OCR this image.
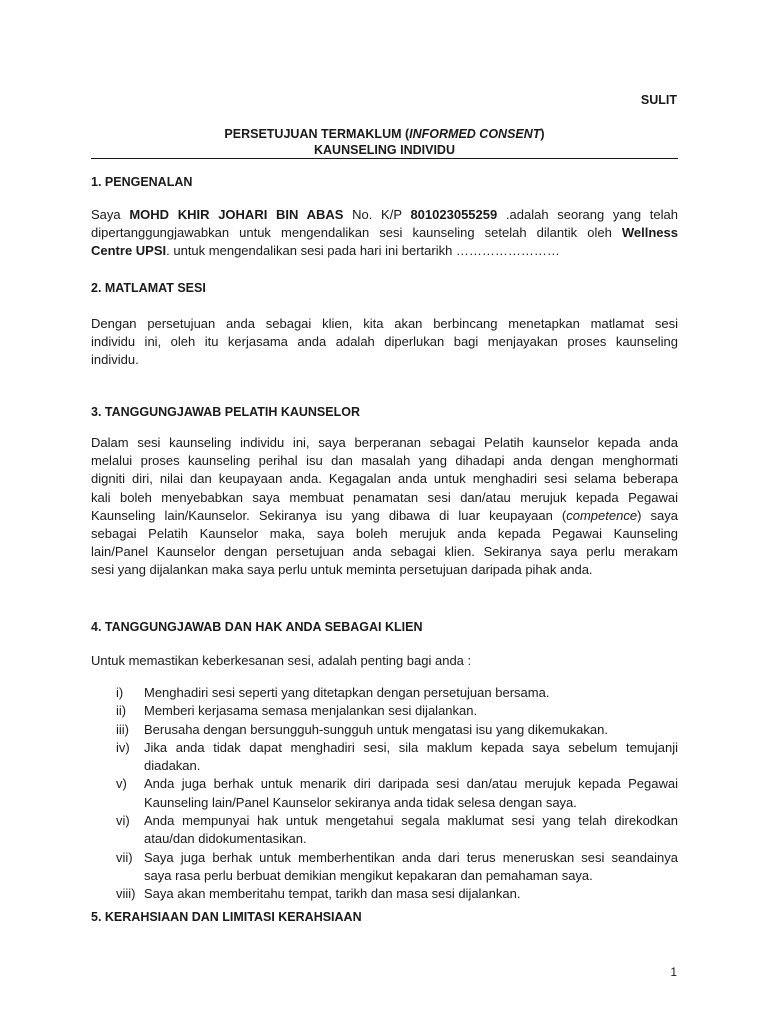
SULIT
PERSETUJUAN TERMAKLUM (INFORMED CONSENT)
KAUNSELING INDIVIDU
1. PENGENALAN
Saya MOHD KHIR JOHARI BIN ABAS No. K/P 801023055259 .adalah seorang yang telah
dipertanggungjawabkan untuk mengendalikan sesi kaunseling setelah dilantik oleh Wellness
Centre UPSI. untuk mengendalikan sesi pada hari ini bertarikh ……………………
2. MATLAMAT SESI
Dengan persetujuan anda sebagai klien, kita akan berbincang menetapkan matlamat sesi
individu ini, oleh itu kerjasama anda adalah diperlukan bagi menjayakan proses kaunseling
individu.
3. TANGGUNGJAWAB PELATIH KAUNSELOR
Dalam sesi kaunseling individu ini, saya berperanan sebagai Pelatih kaunselor kepada anda
melalui proses kaunseling perihal isu dan masalah yang dihadapi anda dengan menghormati
digniti diri, nilai dan keupayaan anda. Kegagalan anda untuk menghadiri sesi selama beberapa
kali boleh menyebabkan saya membuat penamatan sesi dan/atau merujuk kepada Pegawai
Kaunseling lain/Kaunselor. Sekiranya isu yang dibawa di luar keupayaan (competence) saya
sebagai Pelatih Kaunselor maka, saya boleh merujuk anda kepada Pegawai Kaunseling
lain/Panel Kaunselor dengan persetujuan anda sebagai klien. Sekiranya saya perlu merakam
sesi yang dijalankan maka saya perlu untuk meminta persetujuan daripada pihak anda.
4. TANGGUNGJAWAB DAN HAK ANDA SEBAGAI KLIEN
Untuk memastikan keberkesanan sesi, adalah penting bagi anda :
i) Menghadiri sesi seperti yang ditetapkan dengan persetujuan bersama.
ii) Memberi kerjasama semasa menjalankan sesi dijalankan.
iii) Berusaha dengan bersungguh-sungguh untuk mengatasi isu yang dikemukakan.
iv) Jika anda tidak dapat menghadiri sesi, sila maklum kepada saya sebelum temujanji
diadakan.
v) Anda juga berhak untuk menarik diri daripada sesi dan/atau merujuk kepada Pegawai
Kaunseling lain/Panel Kaunselor sekiranya anda tidak selesa dengan saya.
vi) Anda mempunyai hak untuk mengetahui segala maklumat sesi yang telah direkodkan
atau/dan didokumentasikan.
vii) Saya juga berhak untuk memberhentikan anda dari terus meneruskan sesi seandainya
saya rasa perlu berbuat demikian mengikut kepakaran dan pemahaman saya.
viii) Saya akan memberitahu tempat, tarikh dan masa sesi dijalankan.
5. KERAHSIAAN DAN LIMITASI KERAHSIAAN
1
